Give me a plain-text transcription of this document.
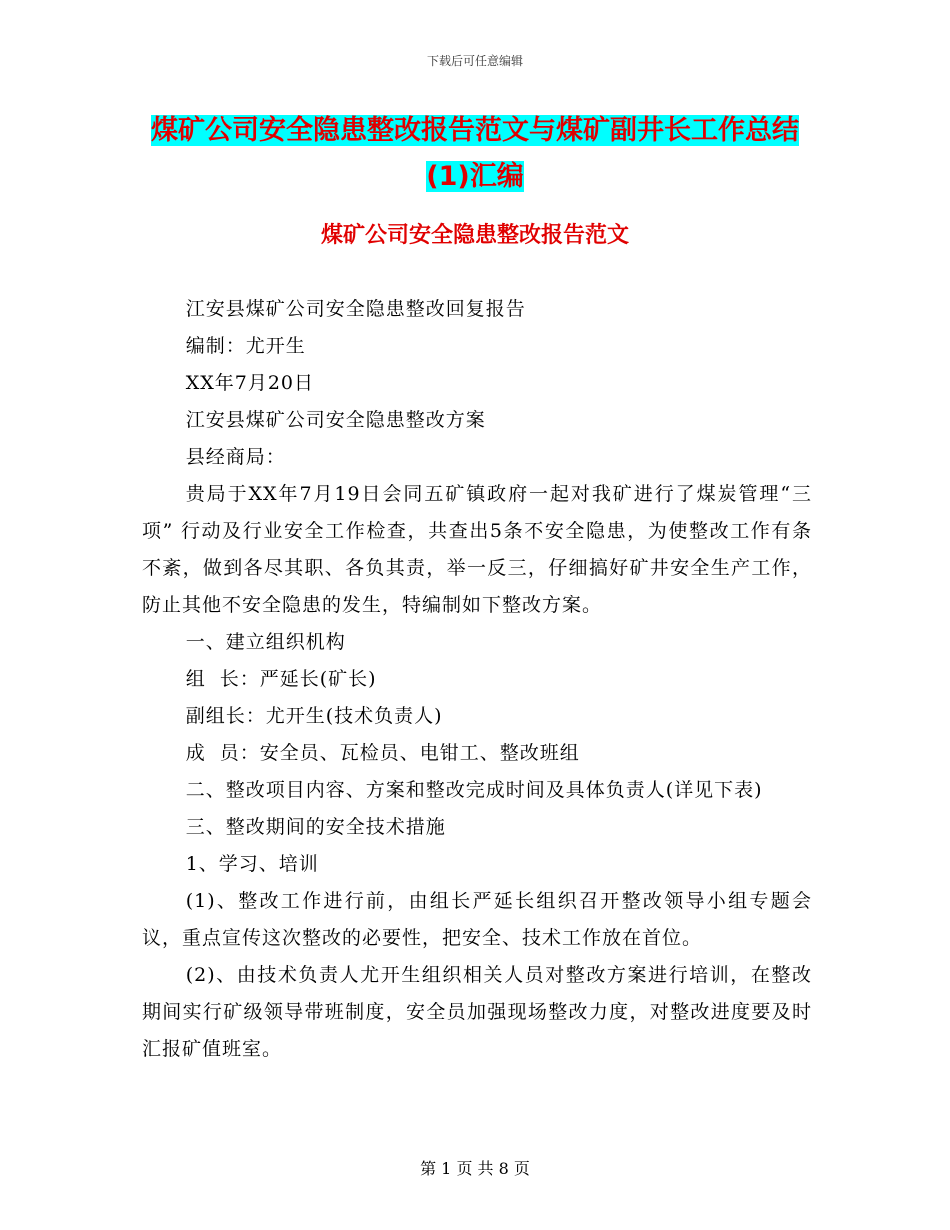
下载后可任意编辑
煤矿公司安全隐患整改报告范文与煤矿副井长工作总结(1)汇编
煤矿公司安全隐患整改报告范文

江安县煤矿公司安全隐患整改回复报告

编制：尤开生

XX年7月20日

江安县煤矿公司安全隐患整改方案

县经商局：

贵局于XX年7月19日会同五矿镇政府一起对我矿进行了煤炭管理“三项” 行动及行业安全工作检查，共查出5条不安全隐患，为使整改工作有条不紊，做到各尽其职、各负其责，举一反三，仔细搞好矿井安全生产工作，防止其他不安全隐患的发生，特编制如下整改方案。

一、建立组织机构

组  长：严延长(矿长)

副组长：尤开生(技术负责人)

成  员：安全员、瓦检员、电钳工、整改班组

二、整改项目内容、方案和整改完成时间及具体负责人(详见下表)

三、整改期间的安全技术措施

1、学习、培训

(1)、整改工作进行前，由组长严延长组织召开整改领导小组专题会议，重点宣传这次整改的必要性，把安全、技术工作放在首位。

(2)、由技术负责人尤开生组织相关人员对整改方案进行培训，在整改期间实行矿级领导带班制度，安全员加强现场整改力度，对整改进度要及时汇报矿值班室。

第 1 页 共 8 页
